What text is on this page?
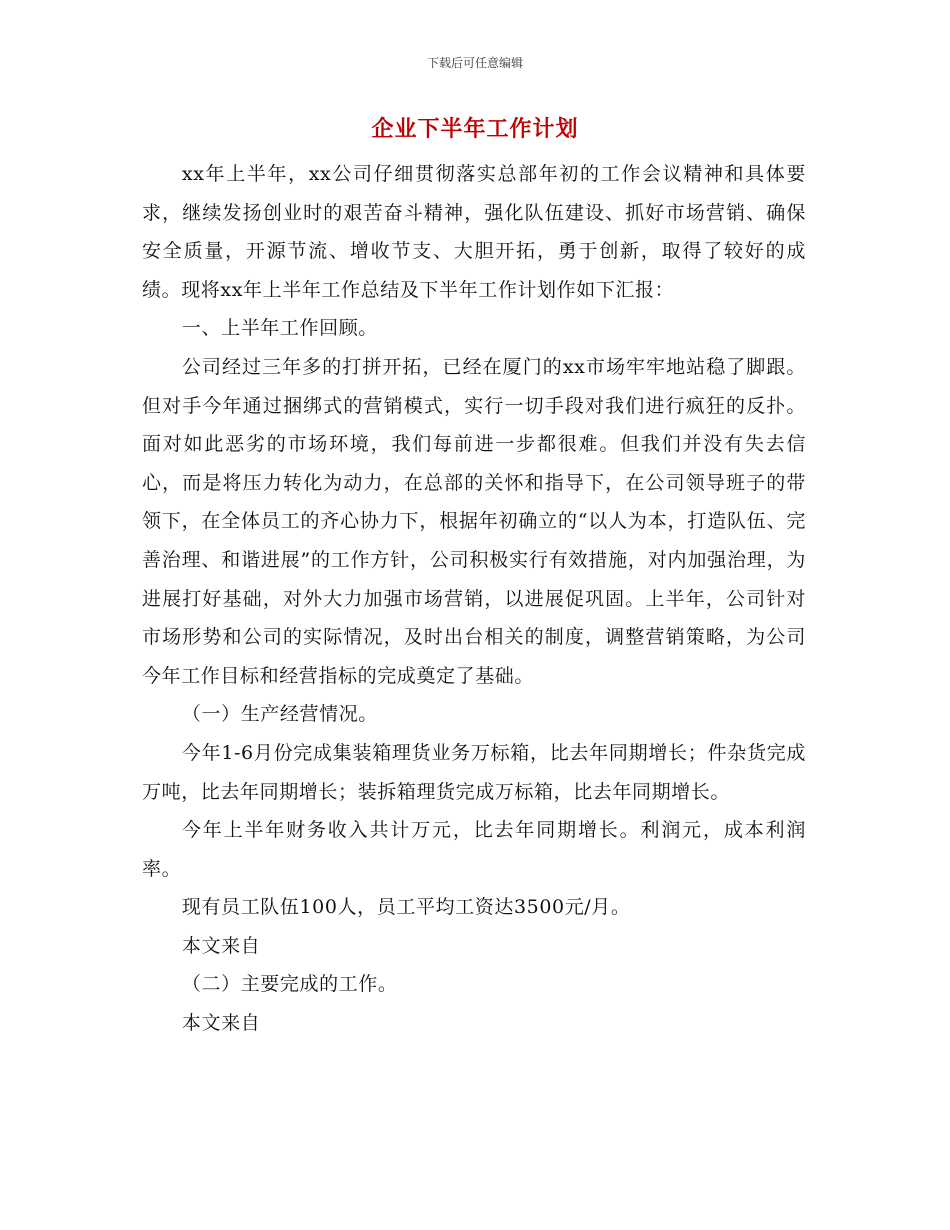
下载后可任意编辑
企业下半年工作计划

xx年上半年，xx公司仔细贯彻落实总部年初的工作会议精神和具体要求，继续发扬创业时的艰苦奋斗精神，强化队伍建设、抓好市场营销、确保安全质量，开源节流、增收节支、大胆开拓，勇于创新，取得了较好的成绩。现将xx年上半年工作总结及下半年工作计划作如下汇报：

一、上半年工作回顾。

公司经过三年多的打拼开拓，已经在厦门的xx市场牢牢地站稳了脚跟。但对手今年通过捆绑式的营销模式，实行一切手段对我们进行疯狂的反扑。面对如此恶劣的市场环境，我们每前进一步都很难。但我们并没有失去信心，而是将压力转化为动力，在总部的关怀和指导下，在公司领导班子的带领下，在全体员工的齐心协力下，根据年初确立的“以人为本，打造队伍、完善治理、和谐进展”的工作方针，公司积极实行有效措施，对内加强治理，为进展打好基础，对外大力加强市场营销，以进展促巩固。上半年，公司针对市场形势和公司的实际情况，及时出台相关的制度，调整营销策略，为公司今年工作目标和经营指标的完成奠定了基础。

（一）生产经营情况。

今年1-6月份完成集装箱理货业务万标箱，比去年同期增长；件杂货完成万吨，比去年同期增长；装拆箱理货完成万标箱，比去年同期增长。

今年上半年财务收入共计万元，比去年同期增长。利润元，成本利润率。

现有员工队伍100人，员工平均工资达3500元/月。

本文来自

（二）主要完成的工作。

本文来自
